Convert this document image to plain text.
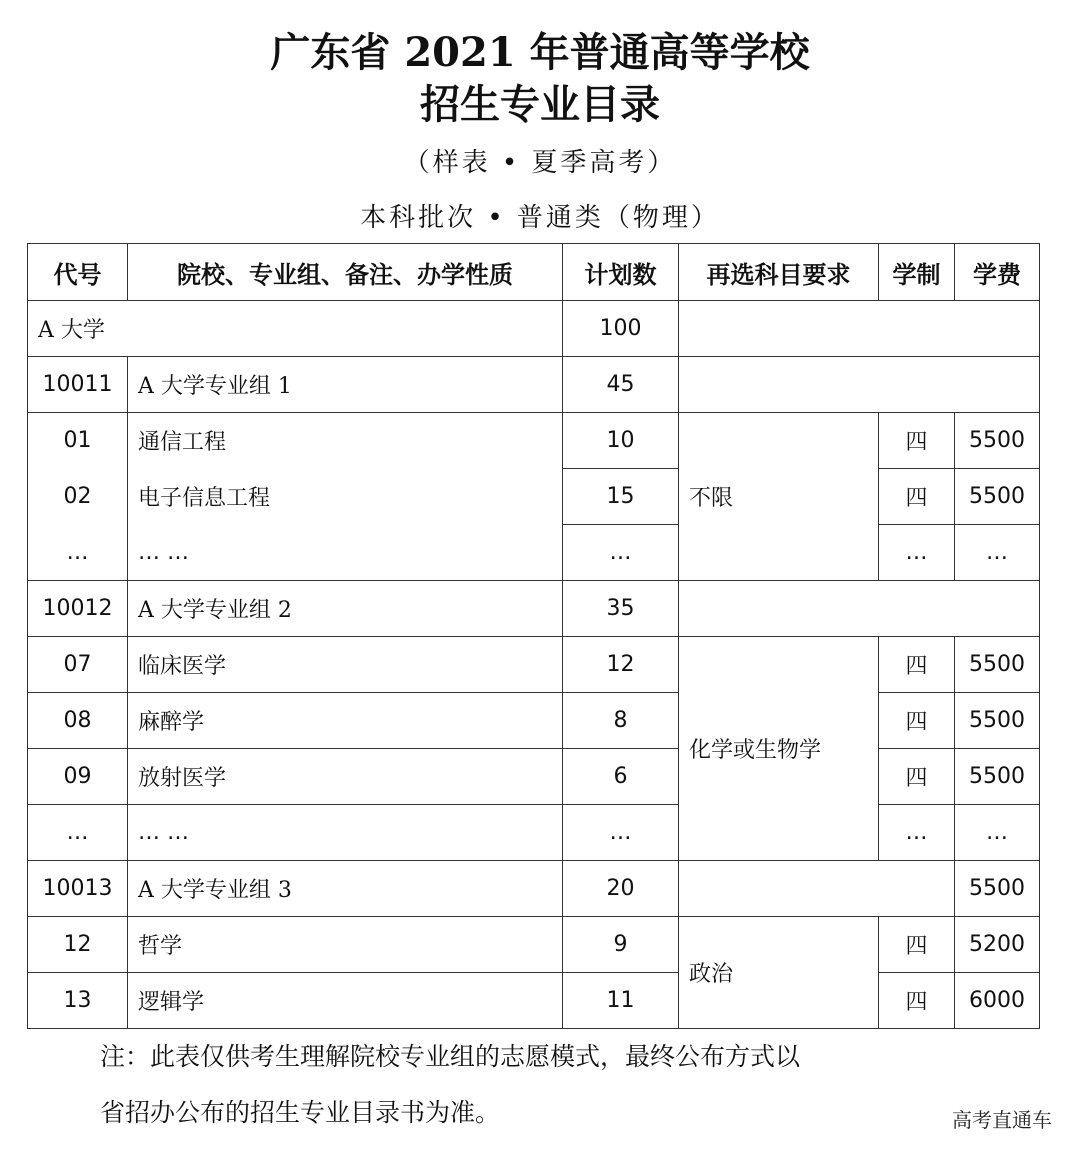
广东省 2021 年普通高等学校
招生专业目录
（样表 • 夏季高考）
本科批次 • 普通类（物理）
代号	院校、专业组、备注、办学性质	计划数	再选科目要求	学制	学费
A 大学		100			
10011	A 大学专业组 1	45			
01	通信工程	10	不限	四	5500
02	电子信息工程	15		四	5500
…	… …	…		…	…
10012	A 大学专业组 2	35			
07	临床医学	12	化学或生物学	四	5500
08	麻醉学	8		四	5500
09	放射医学	6		四	5500
…	… …	…		…	…
10013	A 大学专业组 3	20			5500
12	哲学	9	政治	四	5200
13	逻辑学	11		四	6000
注：此表仅供考生理解院校专业组的志愿模式，最终公布方式以
省招办公布的招生专业目录书为准。	高考直通车
